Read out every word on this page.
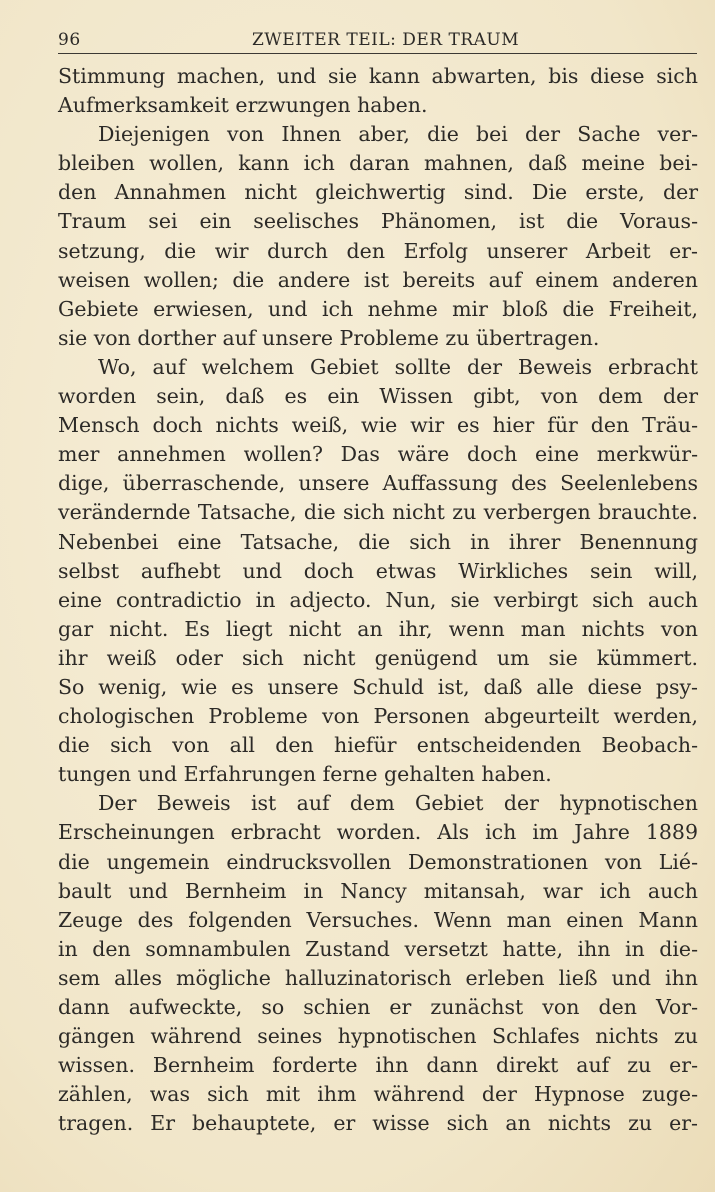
96	ZWEITER TEIL: DER TRAUM
Stimmung machen, und sie kann abwarten, bis diese sich
Aufmerksamkeit erzwungen haben.
Diejenigen von Ihnen aber, die bei der Sache ver-
bleiben wollen, kann ich daran mahnen, daß meine bei-
den Annahmen nicht gleichwertig sind. Die erste, der
Traum sei ein seelisches Phänomen, ist die Voraus-
setzung, die wir durch den Erfolg unserer Arbeit er-
weisen wollen; die andere ist bereits auf einem anderen
Gebiete erwiesen, und ich nehme mir bloß die Freiheit,
sie von dorther auf unsere Probleme zu übertragen.
Wo, auf welchem Gebiet sollte der Beweis erbracht
worden sein, daß es ein Wissen gibt, von dem der
Mensch doch nichts weiß, wie wir es hier für den Träu-
mer annehmen wollen? Das wäre doch eine merkwür-
dige, überraschende, unsere Auffassung des Seelenlebens
verändernde Tatsache, die sich nicht zu verbergen brauchte.
Nebenbei eine Tatsache, die sich in ihrer Benennung
selbst aufhebt und doch etwas Wirkliches sein will,
eine contradictio in adjecto. Nun, sie verbirgt sich auch
gar nicht. Es liegt nicht an ihr, wenn man nichts von
ihr weiß oder sich nicht genügend um sie kümmert.
So wenig, wie es unsere Schuld ist, daß alle diese psy-
chologischen Probleme von Personen abgeurteilt werden,
die sich von all den hiefür entscheidenden Beobach-
tungen und Erfahrungen ferne gehalten haben.
Der Beweis ist auf dem Gebiet der hypnotischen
Erscheinungen erbracht worden. Als ich im Jahre 1889
die ungemein eindrucksvollen Demonstrationen von Lié-
bault und Bernheim in Nancy mitansah, war ich auch
Zeuge des folgenden Versuches. Wenn man einen Mann
in den somnambulen Zustand versetzt hatte, ihn in die-
sem alles mögliche halluzinatorisch erleben ließ und ihn
dann aufweckte, so schien er zunächst von den Vor-
gängen während seines hypnotischen Schlafes nichts zu
wissen. Bernheim forderte ihn dann direkt auf zu er-
zählen, was sich mit ihm während der Hypnose zuge-
tragen. Er behauptete, er wisse sich an nichts zu er-
